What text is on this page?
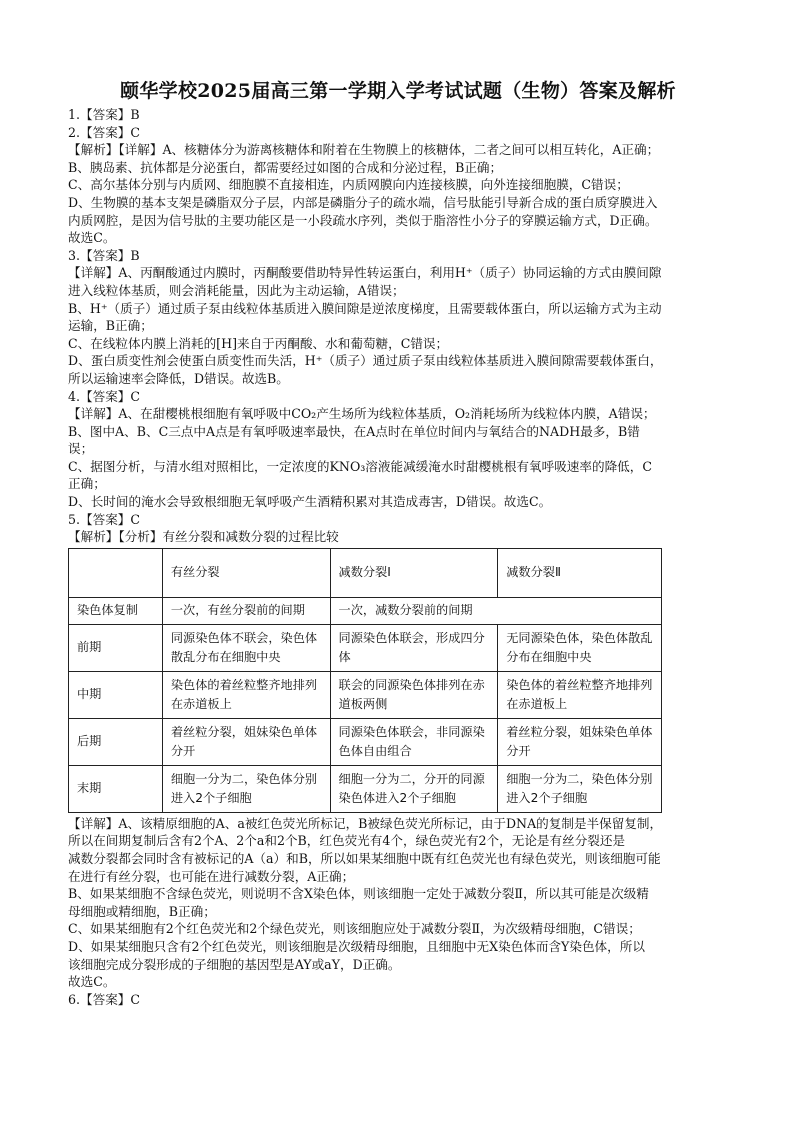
颐华学校2025届高三第一学期入学考试试题（生物）答案及解析
1.【答案】B
2.【答案】C
【解析】【详解】A、核糖体分为游离核糖体和附着在生物膜上的核糖体，二者之间可以相互转化，A正确；
B、胰岛素、抗体都是分泌蛋白，都需要经过如图的合成和分泌过程，B正确；
C、高尔基体分别与内质网、细胞膜不直接相连，内质网膜向内连接核膜，向外连接细胞膜，C错误；
D、生物膜的基本支架是磷脂双分子层，内部是磷脂分子的疏水端，信号肽能引导新合成的蛋白质穿膜进入
内质网腔，是因为信号肽的主要功能区是一小段疏水序列，类似于脂溶性小分子的穿膜运输方式，D正确。
故选C。
3.【答案】B
【详解】A、丙酮酸通过内膜时，丙酮酸要借助特异性转运蛋白，利用H⁺（质子）协同运输的方式由膜间隙
进入线粒体基质，则会消耗能量，因此为主动运输，A错误；
B、H⁺（质子）通过质子泵由线粒体基质进入膜间隙是逆浓度梯度，且需要载体蛋白，所以运输方式为主动
运输，B正确；
C、在线粒体内膜上消耗的[H]来自于丙酮酸、水和葡萄糖，C错误；
D、蛋白质变性剂会使蛋白质变性而失活，H⁺（质子）通过质子泵由线粒体基质进入膜间隙需要载体蛋白，
所以运输速率会降低，D错误。故选B。
4.【答案】C
【详解】A、在甜樱桃根细胞有氧呼吸中CO₂产生场所为线粒体基质，O₂消耗场所为线粒体内膜，A错误；
B、图中A、B、C三点中A点是有氧呼吸速率最快，在A点时在单位时间内与氧结合的NADH最多，B错
误；
C、据图分析，与清水组对照相比，一定浓度的KNO₃溶液能减缓淹水时甜樱桃根有氧呼吸速率的降低，C
正确；
D、长时间的淹水会导致根细胞无氧呼吸产生酒精积累对其造成毒害，D错误。故选C。
5.【答案】C
【解析】【分析】有丝分裂和减数分裂的过程比较
	有丝分裂	减数分裂Ⅰ	减数分裂Ⅱ
染色体复制	一次，有丝分裂前的间期	一次，减数分裂前的间期	
前期	同源染色体不联会，染色体散乱分布在细胞中央	同源染色体联会，形成四分体	无同源染色体，染色体散乱分布在细胞中央
中期	染色体的着丝粒整齐地排列在赤道板上	联会的同源染色体排列在赤道板两侧	染色体的着丝粒整齐地排列在赤道板上
后期	着丝粒分裂，姐妹染色单体分开	同源染色体联会，非同源染色体自由组合	着丝粒分裂，姐妹染色单体分开
末期	细胞一分为二，染色体分别进入2个子细胞	细胞一分为二，分开的同源染色体进入2个子细胞	细胞一分为二，染色体分别进入2个子细胞
【详解】A、该精原细胞的A、a被红色荧光所标记，B被绿色荧光所标记，由于DNA的复制是半保留复制，
所以在间期复制后含有2个A、2个a和2个B，红色荧光有4个，绿色荧光有2个，无论是有丝分裂还是
减数分裂都会同时含有被标记的A（a）和B，所以如果某细胞中既有红色荧光也有绿色荧光，则该细胞可能
在进行有丝分裂，也可能在进行减数分裂，A正确；
B、如果某细胞不含绿色荧光，则说明不含X染色体，则该细胞一定处于减数分裂Ⅱ，所以其可能是次级精
母细胞或精细胞，B正确；
C、如果某细胞有2个红色荧光和2个绿色荧光，则该细胞应处于减数分裂Ⅱ，为次级精母细胞，C错误；
D、如果某细胞只含有2个红色荧光，则该细胞是次级精母细胞，且细胞中无X染色体而含Y染色体，所以
该细胞完成分裂形成的子细胞的基因型是AY或aY，D正确。
故选C。
6.【答案】C
